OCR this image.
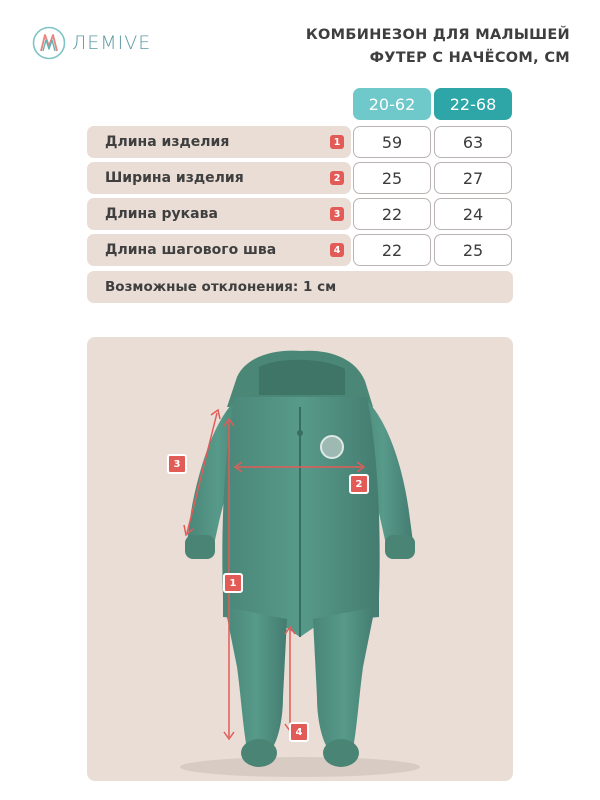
ЛEMIVE	КОМБИНЕЗОН ДЛЯ МАЛЫШЕЙ
ФУТЕР С НАЧЁСОМ, СМ
20-62	22-68
Длина изделия	1	59	63
Ширина изделия	2	25	27
Длина рукава	3	22	24
Длина шагового шва	4	22	25
Возможные отклонения: 1 см
1
2
3
4
